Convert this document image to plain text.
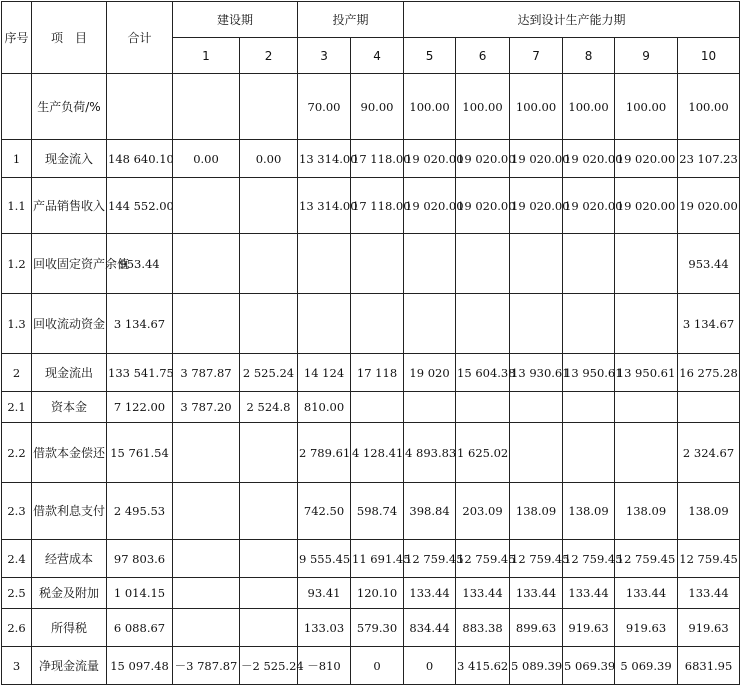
序号	项　目	合计	建设期		投产期		达到设计生产能力期					
			1	2	3	4	5	6	7	8	9	10
	生产负荷/%				70.00	90.00	100.00	100.00	100.00	100.00	100.00	100.00
1	现金流入	148 640.10	0.00	0.00	13 314.00	17 118.00	19 020.00	19 020.00	19 020.00	19 020.00	19 020.00	23 107.23
1.1	产品销售收入	144 552.00			13 314.00	17 118.00	19 020.00	19 020.00	19 020.00	19 020.00	19 020.00	19 020.00
1.2	回收固定资产余值	953.44										953.44
1.3	回收流动资金	3 134.67										3 134.67
2	现金流出	133 541.75	3 787.87	2 525.24	14 124	17 118	19 020	15 604.38	13 930.61	13 950.61	13 950.61	16 275.28
2.1	资本金	7 122.00	3 787.20	2 524.8	810.00							
2.2	借款本金偿还	15 761.54			2 789.61	4 128.41	4 893.83	1 625.02				2 324.67
2.3	借款利息支付	2 495.53			742.50	598.74	398.84	203.09	138.09	138.09	138.09	138.09
2.4	经营成本	97 803.6			9 555.45	11 691.45	12 759.45	12 759.45	12 759.45	12 759.45	12 759.45	12 759.45
2.5	税金及附加	1 014.15			93.41	120.10	133.44	133.44	133.44	133.44	133.44	133.44
2.6	所得税	6 088.67			133.03	579.30	834.44	883.38	899.63	919.63	919.63	919.63
3	净现金流量	15 097.48	－3 787.87	－2 525.24	－810	0	0	3 415.62	5 089.39	5 069.39	5 069.39	6831.95
